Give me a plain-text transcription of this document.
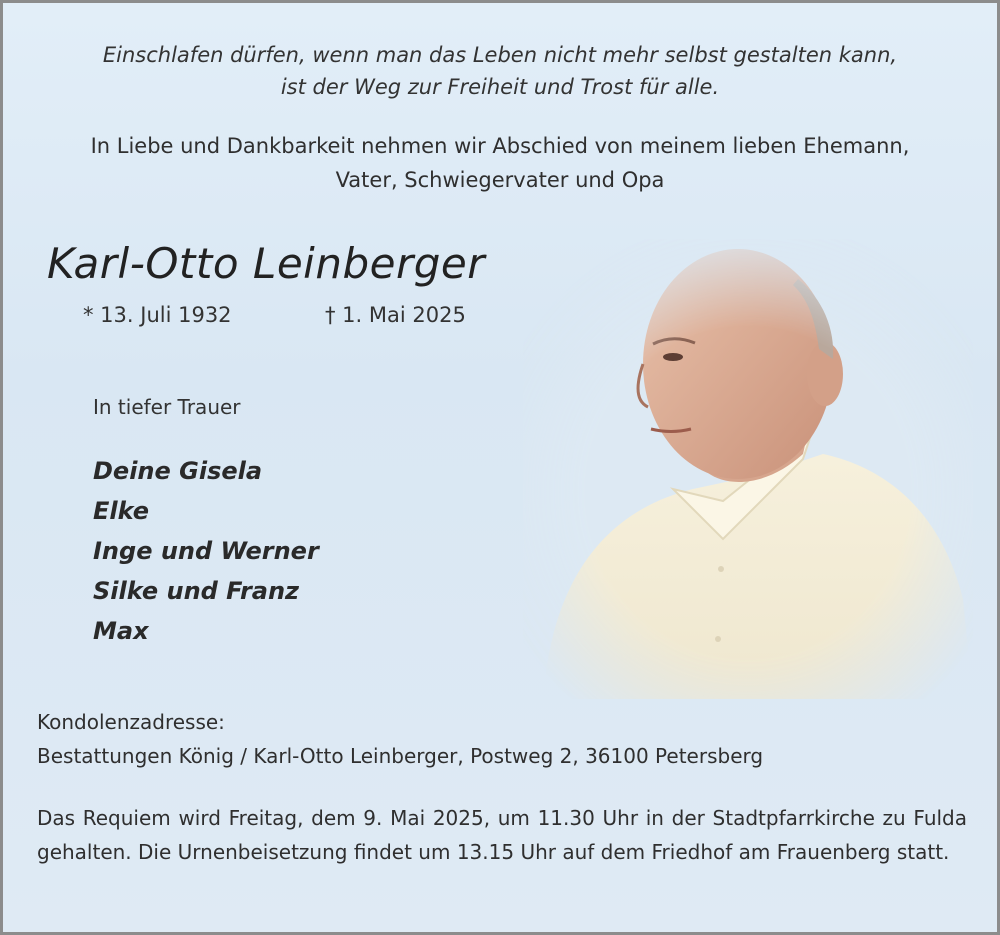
Einschlafen dürfen, wenn man das Leben nicht mehr selbst gestalten kann,
ist der Weg zur Freiheit und Trost für alle.
In Liebe und Dankbarkeit nehmen wir Abschied von meinem lieben Ehemann,
Vater, Schwiegervater und Opa
Karl-Otto Leinberger
* 13. Juli 1932	† 1. Mai 2025
In tiefer Trauer
Deine Gisela
Elke
Inge und Werner
Silke und Franz
Max
Kondolenzadresse:
Bestattungen König / Karl-Otto Leinberger, Postweg 2, 36100 Petersberg
Das Requiem wird Freitag, dem 9. Mai 2025, um 11.30 Uhr in der Stadtpfarrkirche zu Fulda gehalten. Die Urnenbeisetzung findet um 13.15 Uhr auf dem Friedhof am Frauenberg statt.
